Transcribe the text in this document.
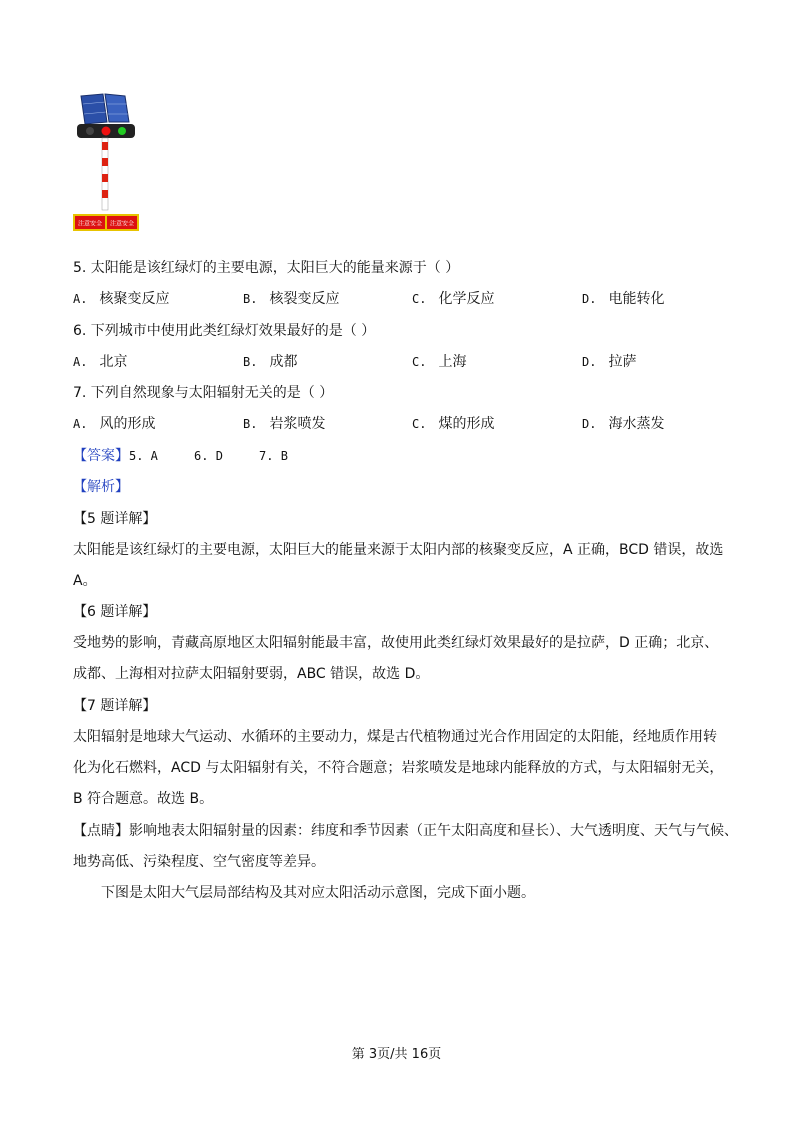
注意安全 注意安全
5. 太阳能是该红绿灯的主要电源，太阳巨大的能量来源于（ ）
A. 核聚变反应	B. 核裂变反应	C. 化学反应	D. 电能转化
6. 下列城市中使用此类红绿灯效果最好的是（ ）
A. 北京	B. 成都	C. 上海	D. 拉萨
7. 下列自然现象与太阳辐射无关的是（ ）
A. 风的形成	B. 岩浆喷发	C. 煤的形成	D. 海水蒸发
【答案】5. A     6. D     7. B
【解析】
【5 题详解】
太阳能是该红绿灯的主要电源，太阳巨大的能量来源于太阳内部的核聚变反应，A 正确，BCD 错误，故选
A。
【6 题详解】
受地势的影响，青藏高原地区太阳辐射能最丰富，故使用此类红绿灯效果最好的是拉萨，D 正确；北京、
成都、上海相对拉萨太阳辐射要弱，ABC 错误，故选 D。
【7 题详解】
太阳辐射是地球大气运动、水循环的主要动力，煤是古代植物通过光合作用固定的太阳能，经地质作用转
化为化石燃料，ACD 与太阳辐射有关，不符合题意；岩浆喷发是地球内能释放的方式，与太阳辐射无关，
B 符合题意。故选 B。
【点睛】影响地表太阳辐射量的因素：纬度和季节因素（正午太阳高度和昼长）、大气透明度、天气与气候、
地势高低、污染程度、空气密度等差异。
下图是太阳大气层局部结构及其对应太阳活动示意图，完成下面小题。
第 3页/共 16页
